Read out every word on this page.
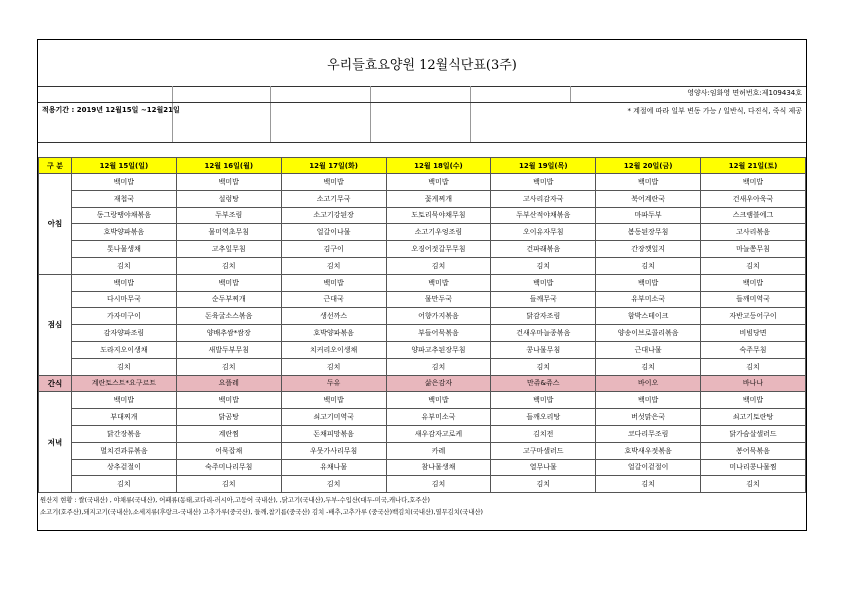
우리들효요양원 12월식단표(3주)
영양사:임화영 면허번호:제109434호
적용기간 : 2019년 12월15일 ~12월21일	* 계절에 따라 일부 변동 가능 / 일반식, 다진식, 죽식 제공
구 분	12월 15일(일)	12월 16일(월)	12월 17일(화)	12월 18일(수)	12월 19일(목)	12월 20일(금)	12월 21일(토)
아침	백미밥	백미밥	백미밥	백미밥	백미밥	백미밥	백미밥
	재첩국	설렁탕	소고기무국	꽃게찌개	고사리감자국	북어계란국	건새우아욱국
	동그랑땡야채볶음	두부조림	소고기강된장	도토리묵야채무침	두부산적야채볶음	마파두부	스크램블에그
	호박양파볶음	물미역초무침	얼갈이나물	소고기우엉조림	오이유자무침	봄동된장무침	고사리볶음
	톳나물생채	고추잎무침	김구이	오징어젓갈무무침	건파래볶음	간장깻잎지	마늘쫑무침
	김치	김치	김치	김치	김치	김치	김치
점심	백미밥	백미밥	백미밥	백미밥	백미밥	백미밥	백미밥
	다시마무국	순두부찌개	근대국	물만두국	들깨무국	유부미소국	들깨미역국
	가자미구이	돈육굴소스볶음	생선까스	어향가지볶음	닭감자조림	함박스테이크	자반고등어구이
	감자양파조림	양배추쌈*쌈장	호박양파볶음	부들어묵볶음	건새우마늘종볶음	양송이브로콜리볶음	비빔당면
	도라지오이생채	새발두부무침	치커리오이생채	양파고추된장무침	콩나물무침	근대나물	숙주무침
	김치	김치	김치	김치	김치	김치	김치
간식	계란토스트*요구르트	요플레	두유	삶은감자	만쥬&쥬스	바이오	바나나
저녁	백미밥	백미밥	백미밥	백미밥	백미밥	백미밥	백미밥
	부대찌개	닭곰탕	쇠고기미역국	유부미소국	들깨오리탕	버섯맑은국	쇠고기토란탕
	닭간장볶음	계란찜	돈채피망볶음	새우감자고로케	김치전	코다리무조림	닭가슴살샐러드
	멸치견과류볶음	어묵잡채	우뭇가사리무침	카레	고구마샐러드	호박새우젓볶음	봉어묵볶음
	상추겉절이	숙주미나리무침	유채나물	참나물생채	열무나물	얼갈이겉절이	미나리콩나물찜
	김치	김치	김치	김치	김치	김치	김치
원산지 현황 : 쌀(국내산) , 야채류(국내산), 어패류(동태,코다리-러시아,고등어 국내산), ,닭고기(국내산),두부-수입산(대두-미국,캐나다,호주산)
소고기(호주산),돼지고기(국내산),소세지류(후랑크-국내산) 고추가루(중국산), 들깨,참기름(중국산) 김치 -배추,고추가루 (중국산)백김치(국내산),열무김치(국내산)
